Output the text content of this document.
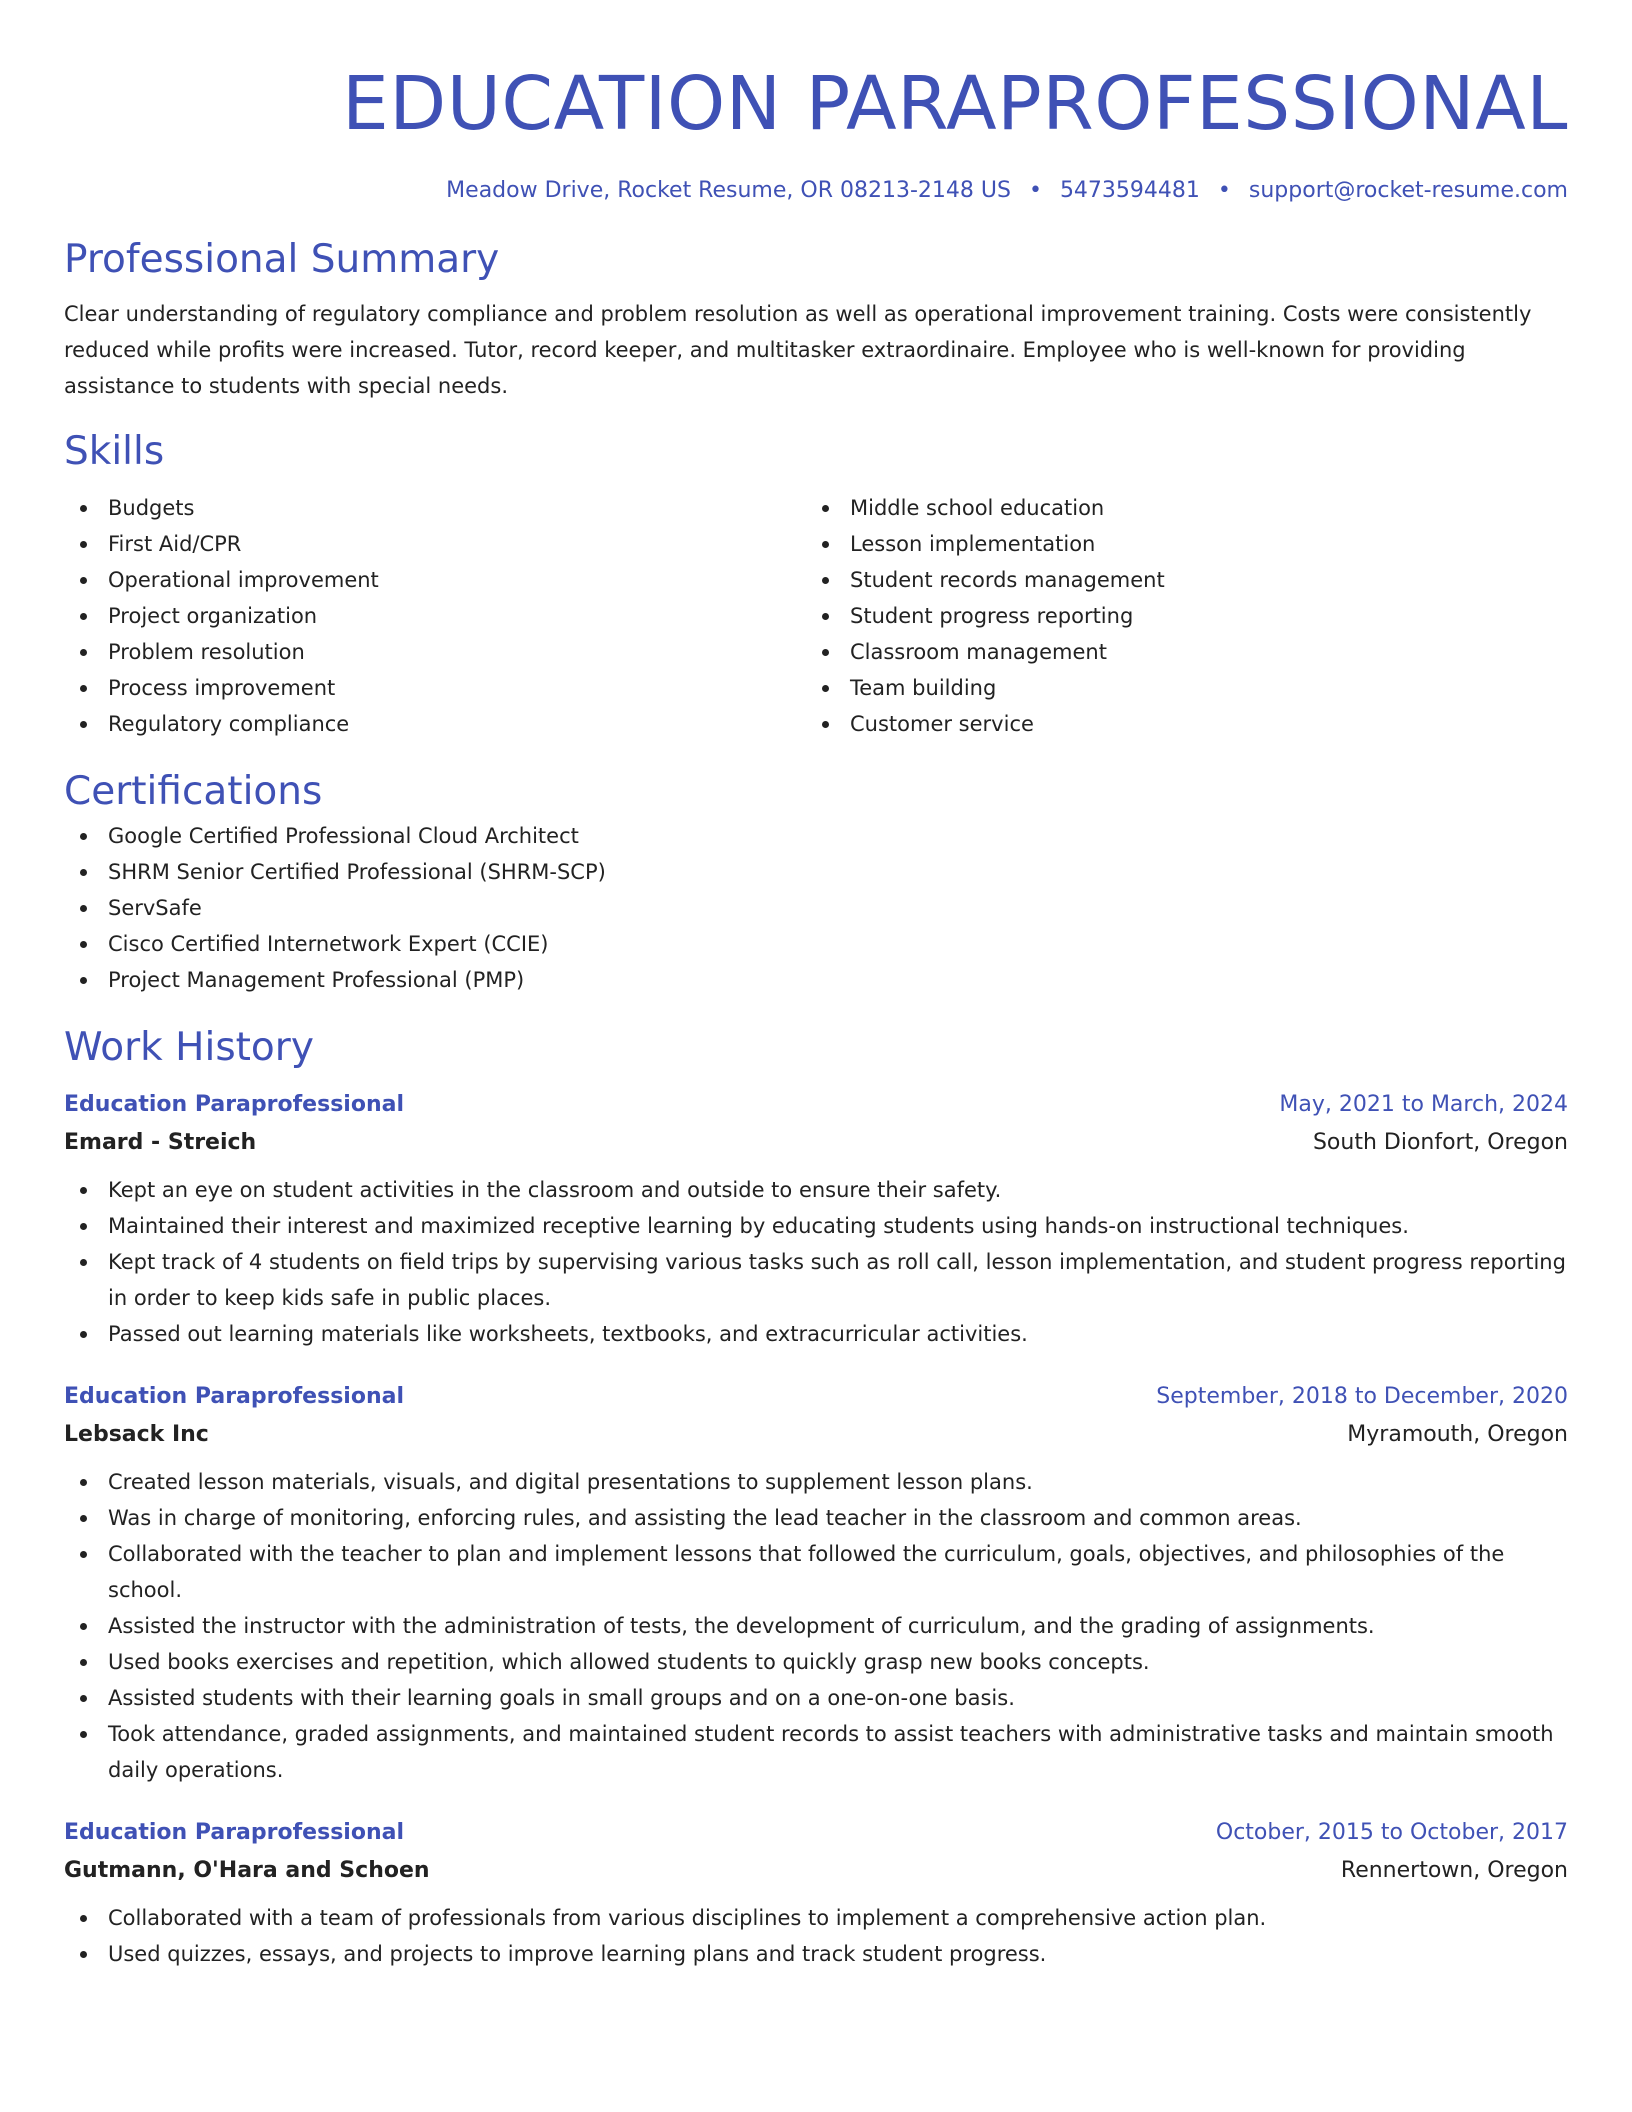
EDUCATION PARAPROFESSIONAL
Meadow Drive, Rocket Resume, OR 08213-2148 US • 5473594481 • support@rocket-resume.com
Professional Summary
Clear understanding of regulatory compliance and problem resolution as well as operational improvement training. Costs were consistently reduced while profits were increased. Tutor, record keeper, and multitasker extraordinaire. Employee who is well-known for providing assistance to students with special needs.
Skills
Budgets
First Aid/CPR
Operational improvement
Project organization
Problem resolution
Process improvement
Regulatory compliance
Middle school education
Lesson implementation
Student records management
Student progress reporting
Classroom management
Team building
Customer service
Certifications
Google Certified Professional Cloud Architect
SHRM Senior Certified Professional (SHRM-SCP)
ServSafe
Cisco Certified Internetwork Expert (CCIE)
Project Management Professional (PMP)
Work History
Education Paraprofessional	May, 2021 to March, 2024
Emard - Streich	South Dionfort, Oregon
Kept an eye on student activities in the classroom and outside to ensure their safety.
Maintained their interest and maximized receptive learning by educating students using hands-on instructional techniques.
Kept track of 4 students on field trips by supervising various tasks such as roll call, lesson implementation, and student progress reporting in order to keep kids safe in public places.
Passed out learning materials like worksheets, textbooks, and extracurricular activities.
Education Paraprofessional	September, 2018 to December, 2020
Lebsack Inc	Myramouth, Oregon
Created lesson materials, visuals, and digital presentations to supplement lesson plans.
Was in charge of monitoring, enforcing rules, and assisting the lead teacher in the classroom and common areas.
Collaborated with the teacher to plan and implement lessons that followed the curriculum, goals, objectives, and philosophies of the school.
Assisted the instructor with the administration of tests, the development of curriculum, and the grading of assignments.
Used books exercises and repetition, which allowed students to quickly grasp new books concepts.
Assisted students with their learning goals in small groups and on a one-on-one basis.
Took attendance, graded assignments, and maintained student records to assist teachers with administrative tasks and maintain smooth daily operations.
Education Paraprofessional	October, 2015 to October, 2017
Gutmann, O'Hara and Schoen	Rennertown, Oregon
Collaborated with a team of professionals from various disciplines to implement a comprehensive action plan.
Used quizzes, essays, and projects to improve learning plans and track student progress.
